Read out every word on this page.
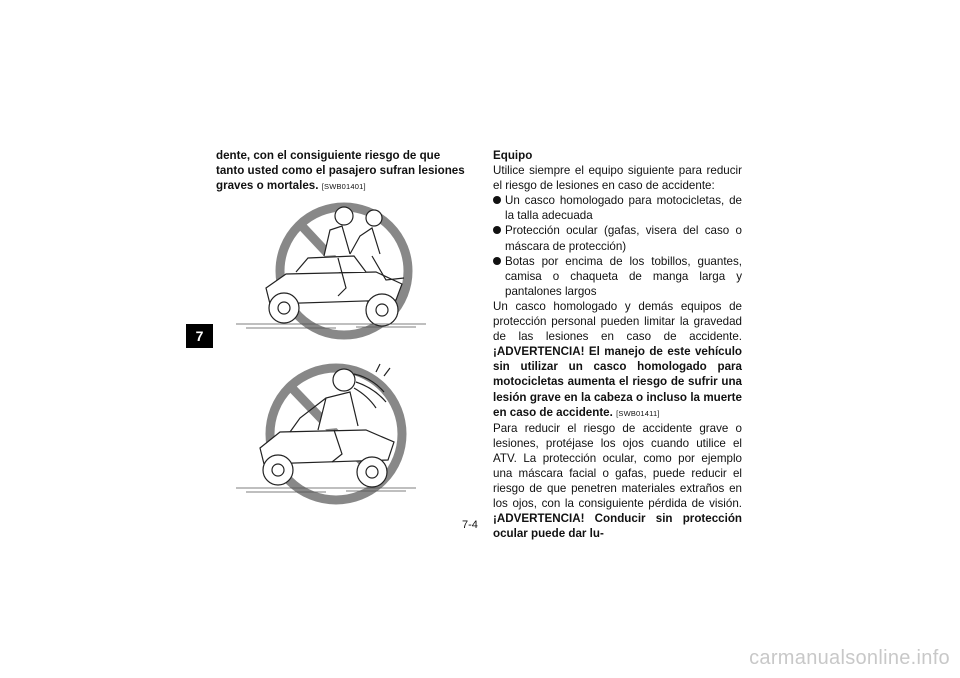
7

dente, con el consiguiente riesgo de que tanto usted como el pasajero sufran lesiones graves o mortales. [SWB01401]

Equipo

Utilice siempre el equipo siguiente para reducir el riesgo de lesiones en caso de accidente:

Un casco homologado para motocicletas, de la talla adecuada
Protección ocular (gafas, visera del caso o máscara de protección)
Botas por encima de los tobillos, guantes, camisa o chaqueta de manga larga y pantalones largos

Un casco homologado y demás equipos de protección personal pueden limitar la gravedad de las lesiones en caso de accidente. ¡ADVERTENCIA! El manejo de este vehículo sin utilizar un casco homologado para motocicletas aumenta el riesgo de sufrir una lesión grave en la cabeza o incluso la muerte en caso de accidente. [SWB01411]

Para reducir el riesgo de accidente grave o lesiones, protéjase los ojos cuando utilice el ATV. La protección ocular, como por ejemplo una máscara facial o gafas, puede reducir el riesgo de que penetren materiales extraños en los ojos, con la consiguiente pérdida de visión. ¡ADVERTENCIA! Conducir sin protección ocular puede dar lu-

7-4
carmanualsonline.info
